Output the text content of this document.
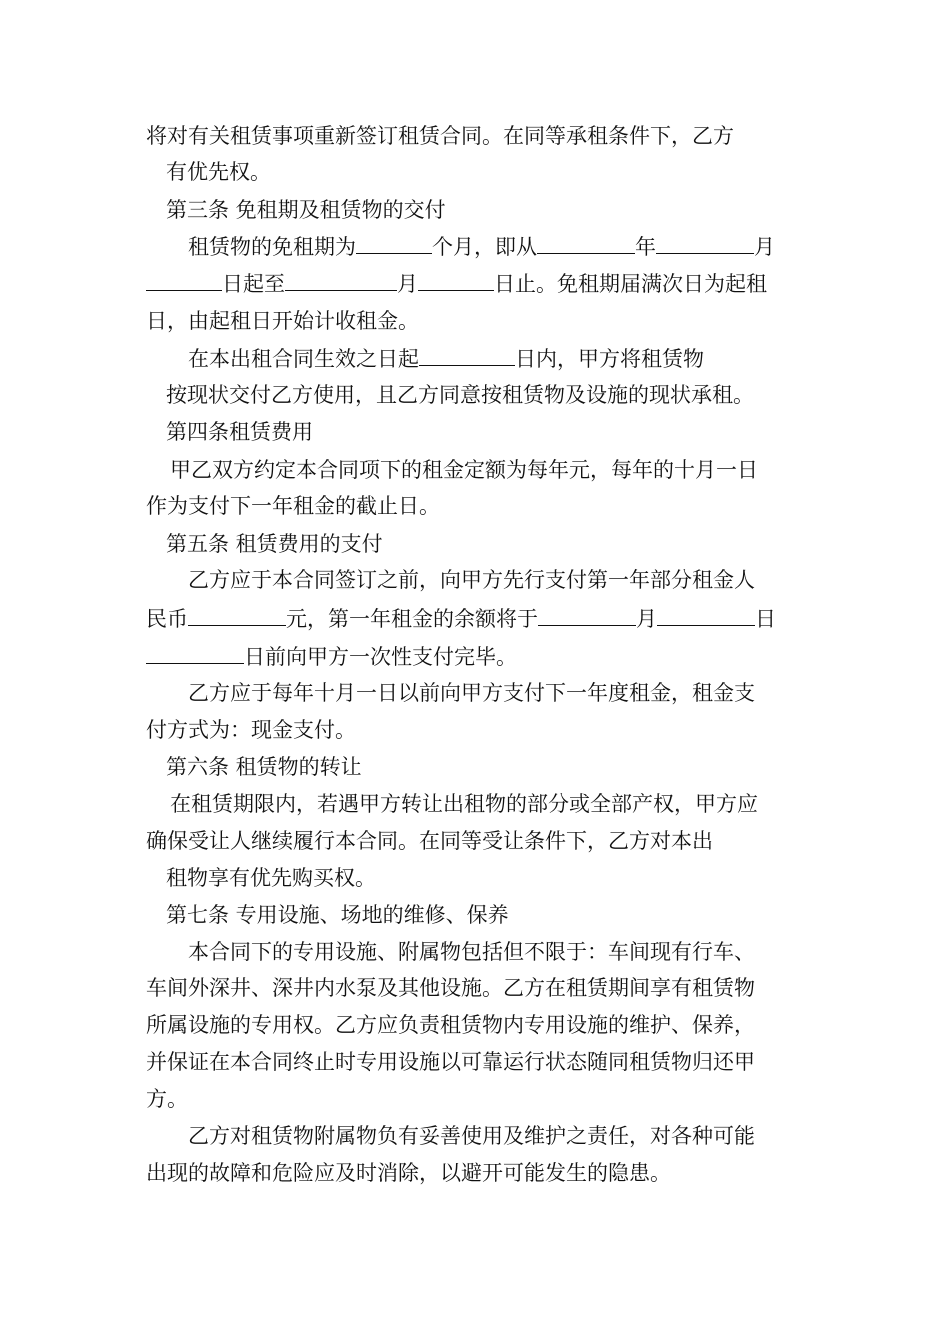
将对有关租赁事项重新签订租赁合同。在同等承租条件下，乙方
有优先权。
第三条 免租期及租赁物的交付
租赁物的免租期为	个月，即从	年	月
日起至	月	日止。免租期届满次日为起租
日，由起租日开始计收租金。
在本出租合同生效之日起	日内，甲方将租赁物
按现状交付乙方使用，且乙方同意按租赁物及设施的现状承租。
第四条租赁费用
甲乙双方约定本合同项下的租金定额为每年元，每年的十月一日
作为支付下一年租金的截止日。
第五条 租赁费用的支付
乙方应于本合同签订之前，向甲方先行支付第一年部分租金人
民币	元，第一年租金的余额将于	月	日
日前向甲方一次性支付完毕。
乙方应于每年十月一日以前向甲方支付下一年度租金，租金支
付方式为：现金支付。
第六条 租赁物的转让
在租赁期限内，若遇甲方转让出租物的部分或全部产权，甲方应
确保受让人继续履行本合同。在同等受让条件下，乙方对本出
租物享有优先购买权。
第七条 专用设施、场地的维修、保养
本合同下的专用设施、附属物包括但不限于：车间现有行车、
车间外深井、深井内水泵及其他设施。乙方在租赁期间享有租赁物
所属设施的专用权。乙方应负责租赁物内专用设施的维护、保养，
并保证在本合同终止时专用设施以可靠运行状态随同租赁物归还甲
方。
乙方对租赁物附属物负有妥善使用及维护之责任，对各种可能
出现的故障和危险应及时消除，以避开可能发生的隐患。
